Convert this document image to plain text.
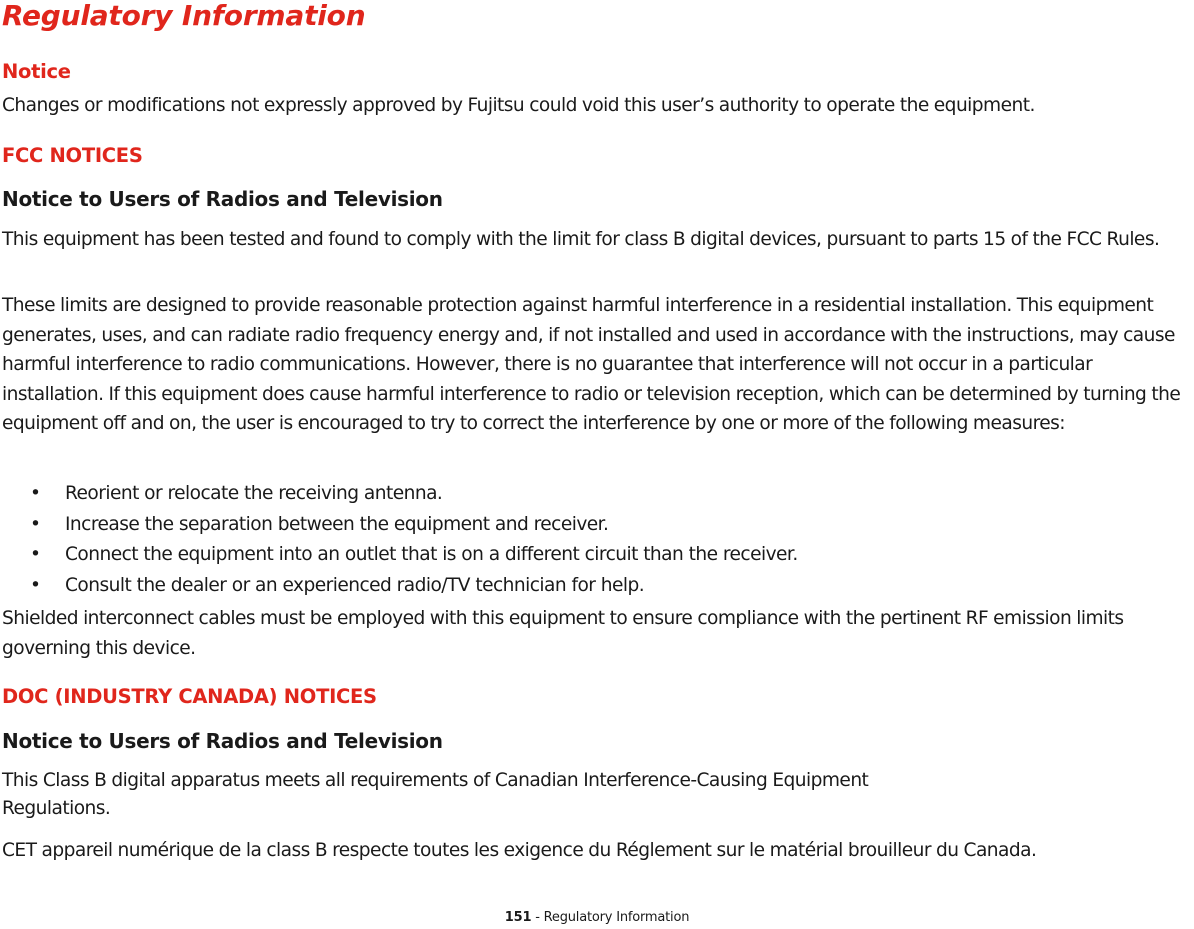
Regulatory Information
Notice

Changes or modifications not expressly approved by Fujitsu could void this user’s authority to operate the equipment.

FCC NOTICES
Notice to Users of Radios and Television

This equipment has been tested and found to comply with the limit for class B digital devices, pursuant to parts 15 of the FCC Rules.

These limits are designed to provide reasonable protection against harmful interference in a residential installation. This equipment generates, uses, and can radiate radio frequency energy and, if not installed and used in accordance with the instructions, may cause harmful interference to radio communications. However, there is no guarantee that interference will not occur in a particular installation. If this equipment does cause harmful interference to radio or television reception, which can be determined by turning the equipment off and on, the user is encouraged to try to correct the interference by one or more of the following measures:

• Reorient or relocate the receiving antenna.
• Increase the separation between the equipment and receiver.
• Connect the equipment into an outlet that is on a different circuit than the receiver.
• Consult the dealer or an experienced radio/TV technician for help.

Shielded interconnect cables must be employed with this equipment to ensure compliance with the pertinent RF emission limits governing this device.

DOC (INDUSTRY CANADA) NOTICES
Notice to Users of Radios and Television

This Class B digital apparatus meets all requirements of Canadian Interference-Causing Equipment

Regulations.

CET appareil numérique de la class B respecte toutes les exigence du Réglement sur le matérial brouilleur du Canada.

151 - Regulatory Information
